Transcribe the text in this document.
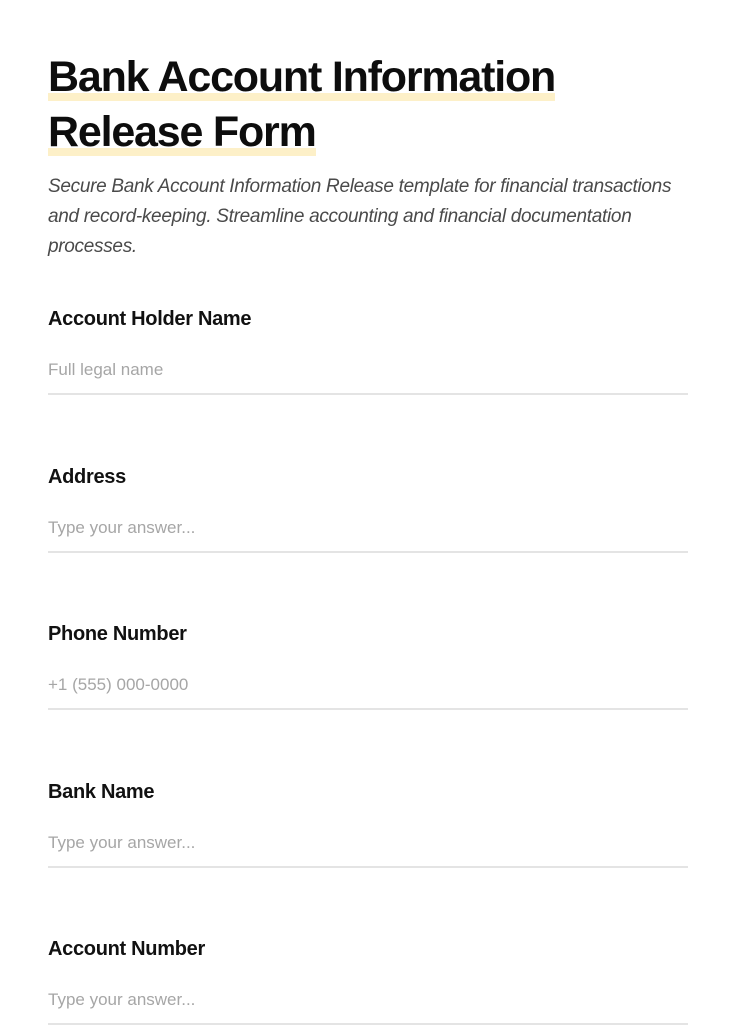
Bank Account Information Release Form

Secure Bank Account Information Release template for financial transactions and record-keeping. Streamline accounting and financial documentation processes.

Account Holder Name
Full legal name
Address
Type your answer...
Phone Number
+1 (555) 000-0000
Bank Name
Type your answer...
Account Number
Type your answer...
